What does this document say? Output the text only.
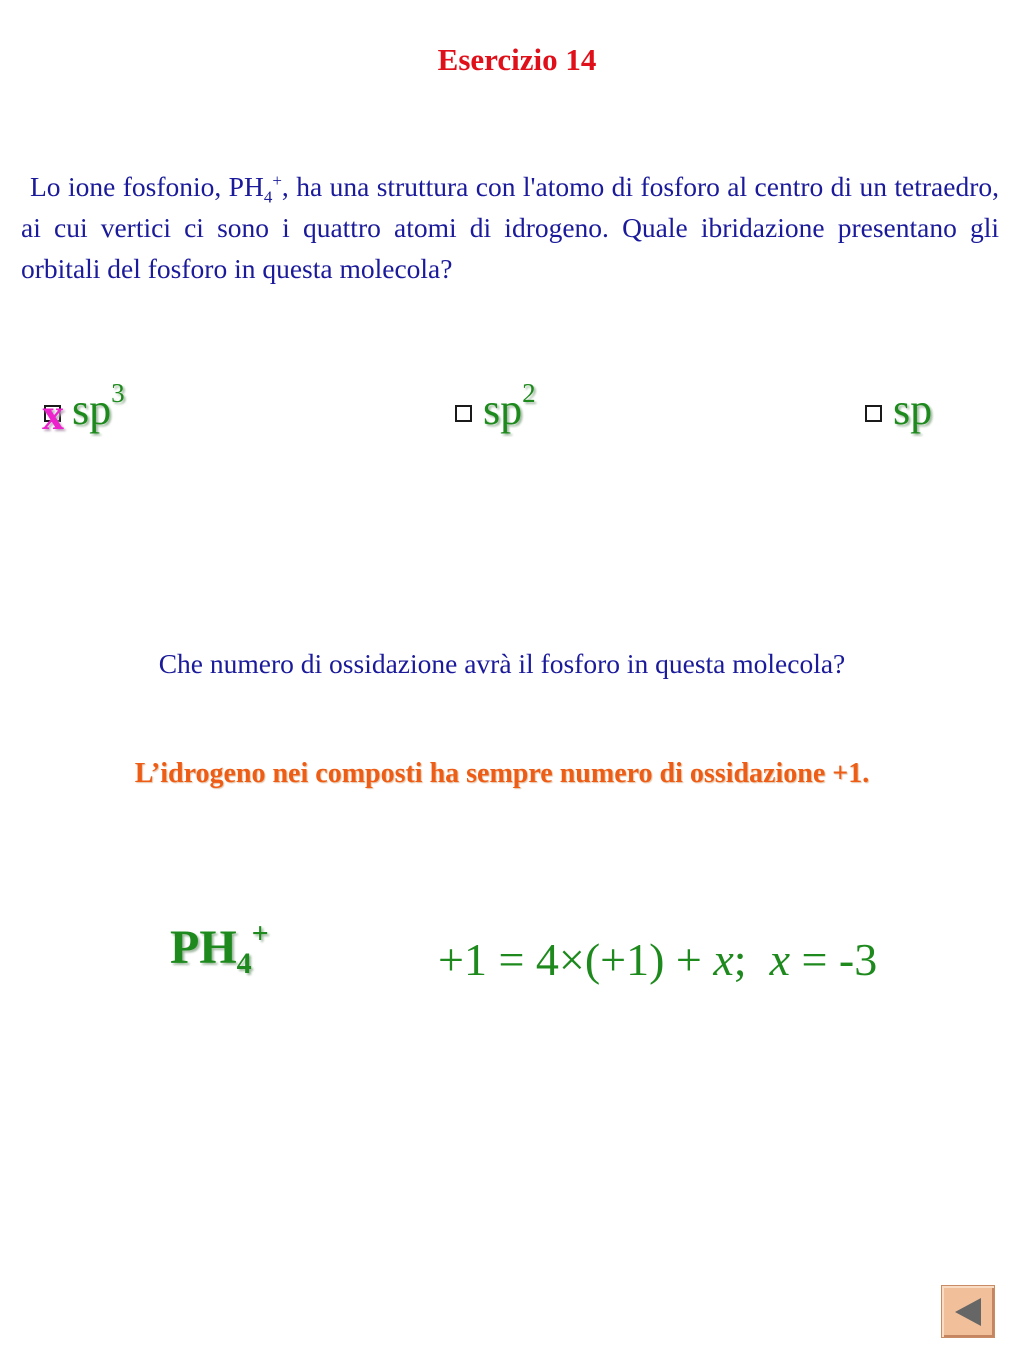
Esercizio 14
Lo ione fosfonio, $PH_4^+$, ha una struttura con l'atomo di fosforo al centro di un tetraedro, ai cui vertici ci sono i quattro atomi di idrogeno. Quale ibridazione presentano gli orbitali del fosforo in questa molecola?
$sp^3$
x	$sp^2$	sp
Che numero di ossidazione avrà il fosforo in questa molecola?
L’idrogeno nei composti ha sempre numero di ossidazione +1.
$PH_4^+$
+1 = 4×(+1) + x;  x = -3
